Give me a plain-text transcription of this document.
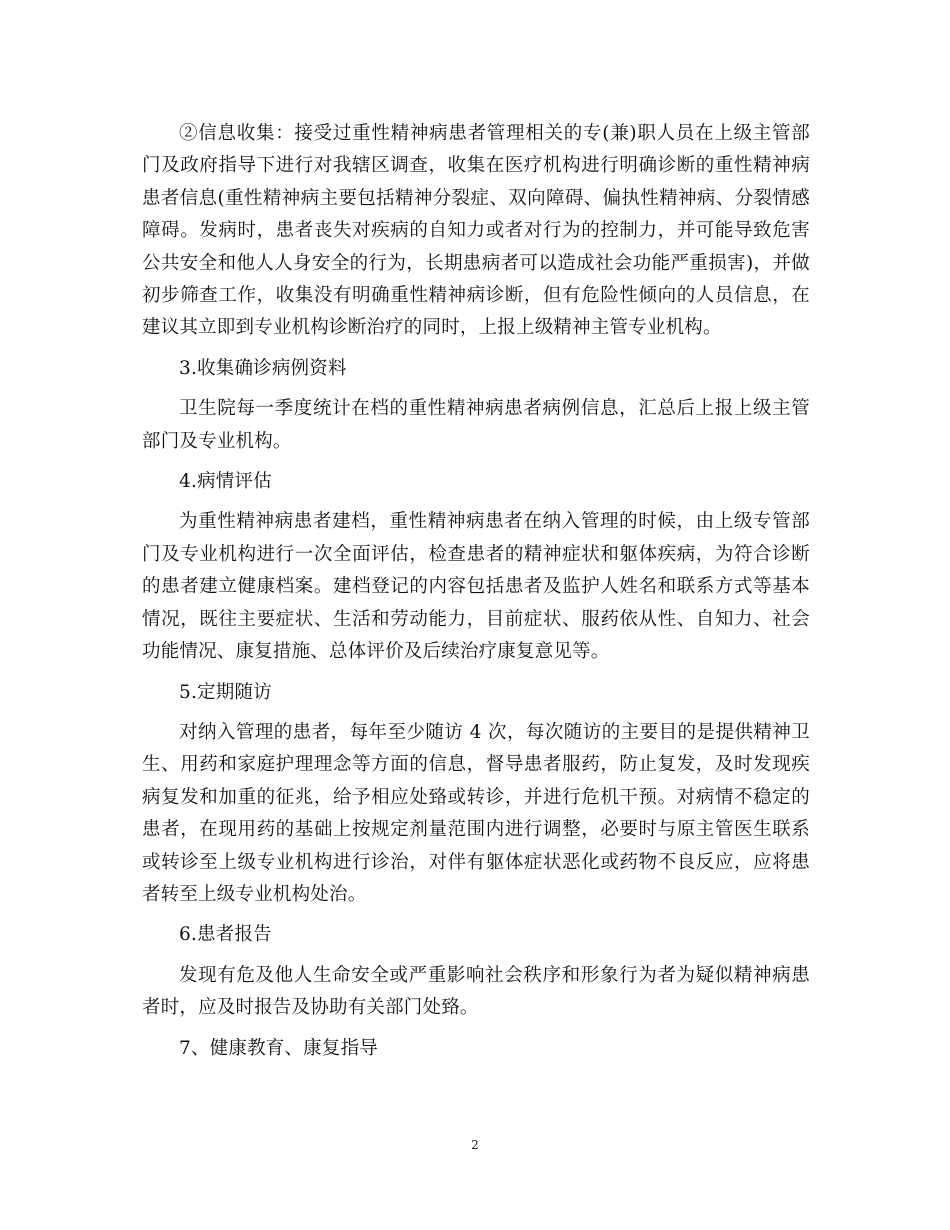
②信息收集：接受过重性精神病患者管理相关的专(兼)职人员在上级主管部门及政府指导下进行对我辖区调查，收集在医疗机构进行明确诊断的重性精神病患者信息(重性精神病主要包括精神分裂症、双向障碍、偏执性精神病、分裂情感障碍。发病时，患者丧失对疾病的自知力或者对行为的控制力，并可能导致危害公共安全和他人人身安全的行为，长期患病者可以造成社会功能严重损害)，并做初步筛查工作，收集没有明确重性精神病诊断，但有危险性倾向的人员信息，在建议其立即到专业机构诊断治疗的同时，上报上级精神主管专业机构。

3.收集确诊病例资料

卫生院每一季度统计在档的重性精神病患者病例信息，汇总后上报上级主管部门及专业机构。

4.病情评估

为重性精神病患者建档，重性精神病患者在纳入管理的时候，由上级专管部门及专业机构进行一次全面评估，检查患者的精神症状和躯体疾病，为符合诊断的患者建立健康档案。建档登记的内容包括患者及监护人姓名和联系方式等基本情况，既往主要症状、生活和劳动能力，目前症状、服药依从性、自知力、社会功能情况、康复措施、总体评价及后续治疗康复意见等。

5.定期随访

对纳入管理的患者，每年至少随访 4 次，每次随访的主要目的是提供精神卫生、用药和家庭护理理念等方面的信息，督导患者服药，防止复发，及时发现疾病复发和加重的征兆，给予相应处臵或转诊，并进行危机干预。对病情不稳定的患者，在现用药的基础上按规定剂量范围内进行调整，必要时与原主管医生联系或转诊至上级专业机构进行诊治，对伴有躯体症状恶化或药物不良反应，应将患者转至上级专业机构处治。

6.患者报告

发现有危及他人生命安全或严重影响社会秩序和形象行为者为疑似精神病患者时，应及时报告及协助有关部门处臵。

7、健康教育、康复指导

2
